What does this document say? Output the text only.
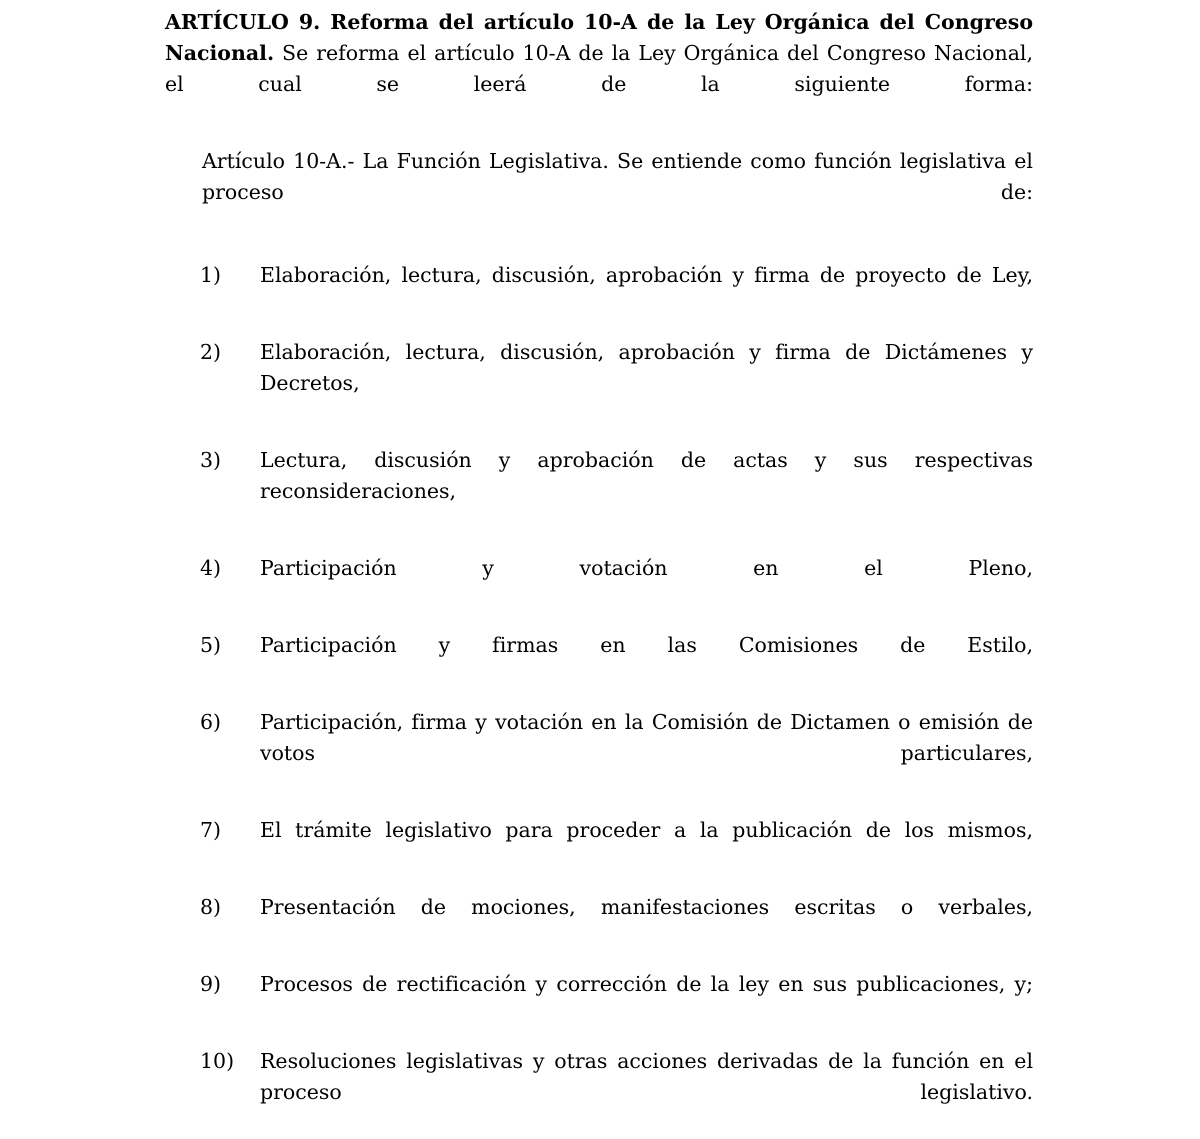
ARTÍCULO 9. Reforma del artículo 10-A de la Ley Orgánica del Congreso Nacional. Se reforma el artículo 10-A de la Ley Orgánica del Congreso Nacional, el cual se leerá de la siguiente forma:

Artículo 10-A.- La Función Legislativa. Se entiende como función legislativa el proceso de:

1)	Elaboración, lectura, discusión, aprobación y firma de proyecto de Ley,
2)	Elaboración, lectura, discusión, aprobación y firma de Dictámenes y Decretos,
3)	Lectura, discusión y aprobación de actas y sus respectivas reconsideraciones,
4)	Participación y votación en el Pleno,
5)	Participación y firmas en las Comisiones de Estilo,
6)	Participación, firma y votación en la Comisión de Dictamen o emisión de votos particulares,
7)	El trámite legislativo para proceder a la publicación de los mismos,
8)	Presentación de mociones, manifestaciones escritas o verbales,
9)	Procesos de rectificación y corrección de la ley en sus publicaciones, y;
10)	Resoluciones legislativas y otras acciones derivadas de la función en el proceso legislativo.
